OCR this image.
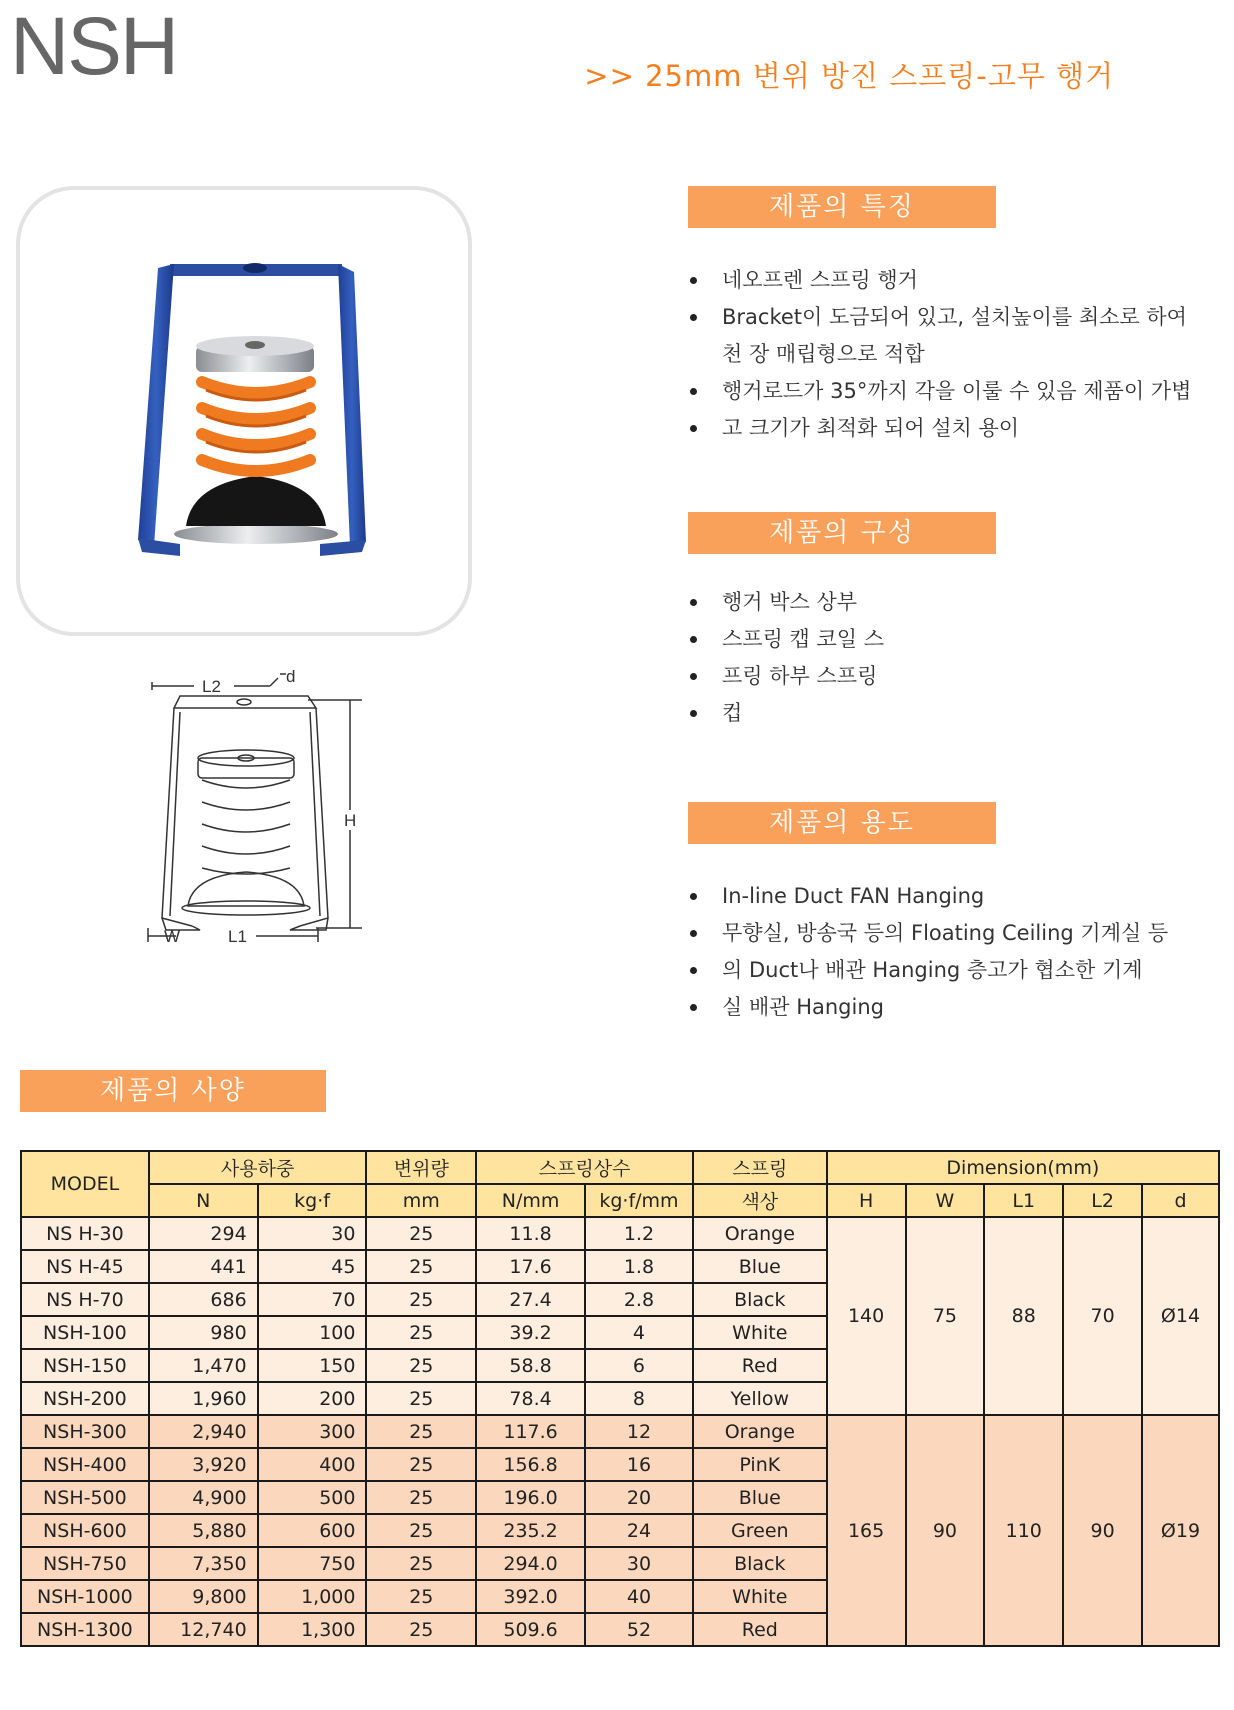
NSH	>> 25mm 변위 방진 스프링-고무 행거
L2
d
H
W	L1
제품의 특징
네오프렌 스프링 행거
Bracket이 도금되어 있고, 설치높이를 최소로 하여 천 장 매립형으로 적합
행거로드가 35°까지 각을 이룰 수 있음 제품이 가볍
고 크기가 최적화 되어 설치 용이
제품의 구성
행거 박스 상부
스프링 캡 코일 스
프링 하부 스프링
컵
제품의 용도
In-line Duct FAN Hanging
무향실, 방송국 등의 Floating Ceiling 기계실 등
의 Duct나 배관 Hanging 층고가 협소한 기계
실 배관 Hanging
제품의 사양
MODEL	사용하중		변위량	스프링상수		스프링	Dimension(mm)				
	N	kg·f	mm	N/mm	kg·f/mm	색상	H	W	L1	L2	d
NS H-30	294	30	25	11.8	1.2	Orange	140	75	88	70	Ø14
NS H-45	441	45	25	17.6	1.8	Blue					
NS H-70	686	70	25	27.4	2.8	Black					
NSH-100	980	100	25	39.2	4	White					
NSH-150	1,470	150	25	58.8	6	Red					
NSH-200	1,960	200	25	78.4	8	Yellow					
NSH-300	2,940	300	25	117.6	12	Orange	165	90	110	90	Ø19
NSH-400	3,920	400	25	156.8	16	PinK					
NSH-500	4,900	500	25	196.0	20	Blue					
NSH-600	5,880	600	25	235.2	24	Green					
NSH-750	7,350	750	25	294.0	30	Black					
NSH-1000	9,800	1,000	25	392.0	40	White					
NSH-1300	12,740	1,300	25	509.6	52	Red					
